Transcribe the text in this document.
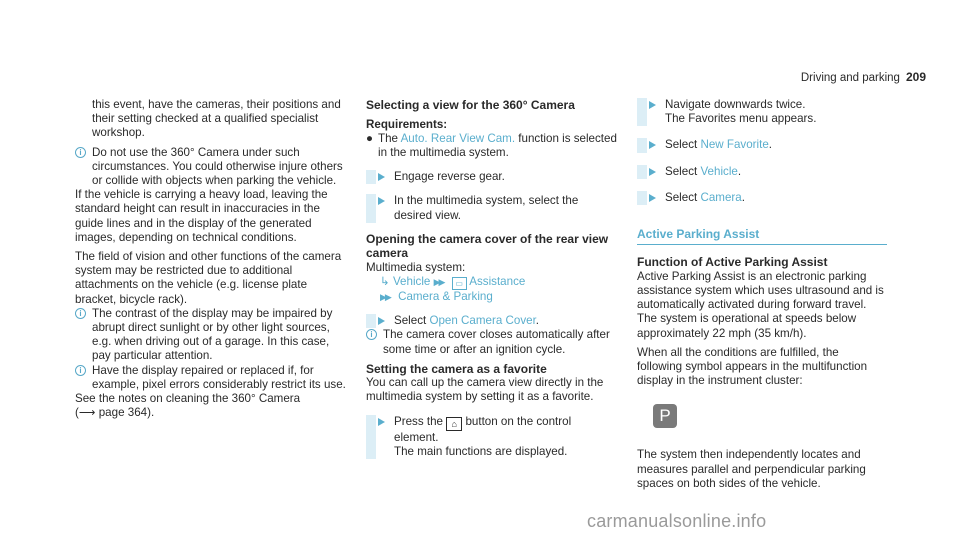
Driving and parking 209

this event, have the cameras, their positions and their setting checked at a qualified specialist workshop.

i Do not use the 360° Camera under such circumstances. You could otherwise injure others or collide with objects when parking the vehicle.

If the vehicle is carrying a heavy load, leaving the standard height can result in inaccuracies in the guide lines and in the display of the generated images, depending on technical conditions.

The field of vision and other functions of the camera system may be restricted due to additional attachments on the vehicle (e.g. license plate bracket, bicycle rack).

i The contrast of the display may be impaired by abrupt direct sunlight or by other light sources, e.g. when driving out of a garage. In this case, pay particular attention.
i Have the display repaired or replaced if, for example, pixel errors considerably restrict its use.

See the notes on cleaning the 360° Camera
(⟶ page 364).

Selecting a view for the 360° Camera

Requirements:

● The Auto. Rear View Cam. function is selected in the multimedia system.
Engage reverse gear.
In the multimedia system, select the desired view.
Opening the camera cover of the rear view camera

Multimedia system:

↳ Vehicle ▶▶ ▭ Assistance
▶▶ Camera & Parking

Select Open Camera Cover.
i The camera cover closes automatically after some time or after an ignition cycle.
Setting the camera as a favorite

You can call up the camera view directly in the multimedia system by setting it as a favorite.

Press the ⌂ button on the control element.
The main functions are displayed.
Navigate downwards twice.
The Favorites menu appears.
Select New Favorite.
Select Vehicle.
Select Camera.
Active Parking Assist
Function of Active Parking Assist

Active Parking Assist is an electronic parking assistance system which uses ultrasound and is automatically activated during forward travel. The system is operational at speeds below approximately 22 mph (35 km/h).

When all the conditions are fulfilled, the following symbol appears in the multifunction display in the instrument cluster:

P

The system then independently locates and measures parallel and perpendicular parking spaces on both sides of the vehicle.

carmanualsonline.info
